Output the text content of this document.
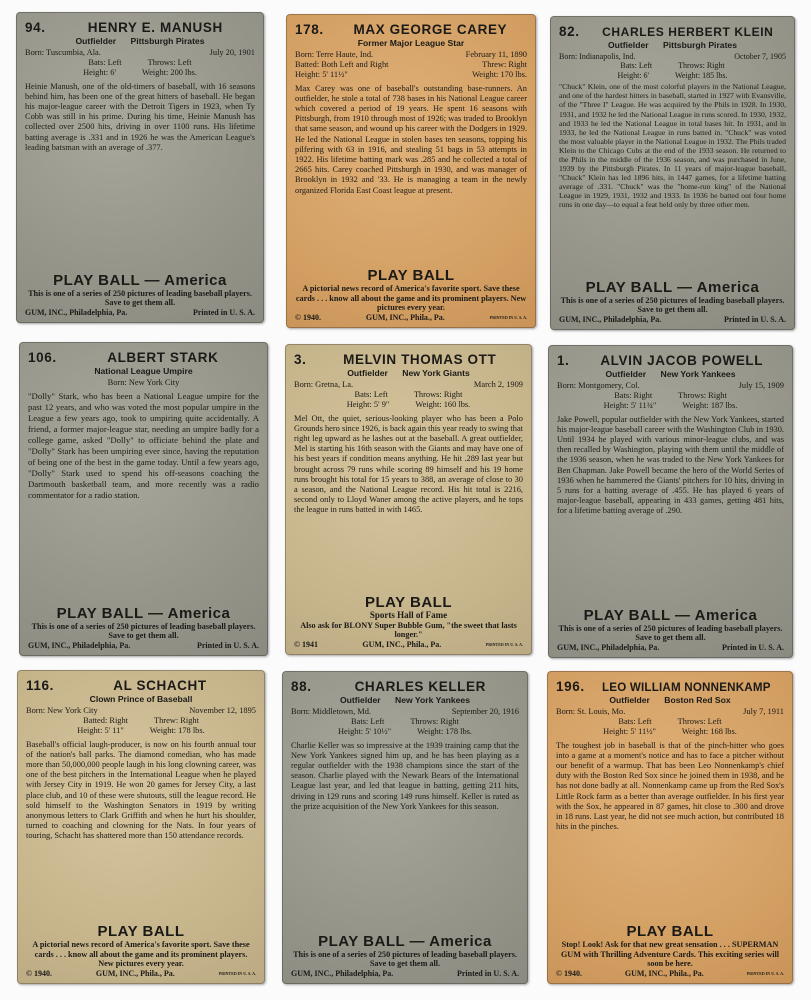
94.	HENRY E. MANUSH
Outfielder Pittsburgh Pirates
Born: Tuscumbia, Ala.	July 20, 1901
Bats: Left	Throws: Left
Height: 6'	Weight: 200 lbs.
Heinie Manush, one of the old-timers of baseball, with 16 seasons behind him, has been one of the great hitters of baseball. He began his major-league career with the Detroit Tigers in 1923, when Ty Cobb was still in his prime. During his time, Heinie Manush has collected over 2500 hits, driving in over 1100 runs. His lifetime batting average is .331 and in 1926 he was the American League's leading batsman with an average of .377.
PLAY BALL — America
This is one of a series of 250 pictures of leading baseball players. Save to get them all.
GUM, INC., Philadelphia, Pa.	Printed in U. S. A.
178.	MAX GEORGE CAREY
Former Major League Star
Born: Terre Haute, Ind.	February 11, 1890
Batted: Both Left and Right	Threw: Right
Height: 5' 11½"	Weight: 170 lbs.
Max Carey was one of baseball's outstanding base-runners. An outfielder, he stole a total of 738 bases in his National League career which covered a period of 19 years. He spent 16 seasons with Pittsburgh, from 1910 through most of 1926; was traded to Brooklyn that same season, and wound up his career with the Dodgers in 1929. He led the National League in stolen bases ten seasons, topping his pilfering with 63 in 1916, and stealing 51 bags in 53 attempts in 1922. His lifetime batting mark was .285 and he collected a total of 2665 hits. Carey coached Pittsburgh in 1930, and was manager of Brooklyn in 1932 and '33. He is managing a team in the newly organized Florida East Coast league at present.
PLAY BALL
A pictorial news record of America's favorite sport. Save these cards . . . know all about the game and its prominent players. New pictures every year.
© 1940.	GUM, INC., Phila., Pa.	PRINTED IN U. S. A.
82.	CHARLES HERBERT KLEIN
Outfielder Pittsburgh Pirates
Born: Indianapolis, Ind.	October 7, 1905
Bats: Left	Throws: Right
Height: 6'	Weight: 185 lbs.
"Chuck" Klein, one of the most colorful players in the National League, and one of the hardest hitters in baseball, started in 1927 with Evansville, of the "Three I" League. He was acquired by the Phils in 1928. In 1930, 1931, and 1932 he led the National League in runs scored. In 1930, 1932, and 1933 he led the National League in total bases hit. In 1931, and in 1933, he led the National League in runs batted in. "Chuck" was voted the most valuable player in the National League in 1932. The Phils traded Klein to the Chicago Cubs at the end of the 1933 season. He returned to the Phils in the middle of the 1936 season, and was purchased in June, 1939 by the Pittsburgh Pirates. In 11 years of major-league baseball, "Chuck" Klein has led 1896 hits, in 1447 games, for a lifetime batting average of .331. "Chuck" was the "home-run king" of the National League in 1929, 1931, 1932 and 1933. In 1936 he batted out four home runs in one day—to equal a feat held only by three other men.
PLAY BALL — America
This is one of a series of 250 pictures of leading baseball players. Save to get them all.
GUM, INC., Philadelphia, Pa.	Printed in U. S. A.
106.	ALBERT STARK
National League Umpire
Born: New York City
"Dolly" Stark, who has been a National League umpire for the past 12 years, and who was voted the most popular umpire in the League a few years ago, took to umpiring quite accidentally. A friend, a former major-league star, needing an umpire badly for a college game, asked "Dolly" to officiate behind the plate and "Dolly" Stark has been umpiring ever since, having the reputation of being one of the best in the game today. Until a few years ago, "Dolly" Stark used to spend his off-seasons coaching the Dartmouth basketball team, and more recently was a radio commentator for a radio station.
PLAY BALL — America
This is one of a series of 250 pictures of leading baseball players. Save to get them all.
GUM, INC., Philadelphia, Pa.	Printed in U. S. A.
3.	MELVIN THOMAS OTT
Outfielder New York Giants
Born: Gretna, La.	March 2, 1909
Bats: Left	Throws: Right
Height: 5' 9"	Weight: 160 lbs.
Mel Ott, the quiet, serious-looking player who has been a Polo Grounds hero since 1926, is back again this year ready to swing that right leg upward as he lashes out at the baseball. A great outfielder, Mel is starting his 16th season with the Giants and may have one of his best years if condition means anything. He hit .289 last year but brought across 79 runs while scoring 89 himself and his 19 home runs brought his total for 15 years to 388, an average of close to 30 a season, and the National League record. His hit total is 2216, second only to Lloyd Waner among the active players, and he tops the league in runs batted in with 1465.
PLAY BALL
Sports Hall of Fame
Also ask for BLONY Super Bubble Gum, "the sweet that lasts longer."
© 1941	GUM, INC., Phila., Pa.	PRINTED IN U. S. A.
1.	ALVIN JACOB POWELL
Outfielder New York Yankees
Born: Montgomery, Col.	July 15, 1909
Bats: Right	Throws: Right
Height: 5' 11¾"	Weight: 187 lbs.
Jake Powell, popular outfielder with the New York Yankees, started his major-league baseball career with the Washington Club in 1930. Until 1934 he played with various minor-league clubs, and was then recalled by Washington, playing with them until the middle of the 1936 season, when he was traded to the New York Yankees for Ben Chapman. Jake Powell became the hero of the World Series of 1936 when he hammered the Giants' pitchers for 10 hits, driving in 5 runs for a batting average of .455. He has played 6 years of major-league baseball, appearing in 433 games, getting 481 hits, for a lifetime batting average of .290.
PLAY BALL — America
This is one of a series of 250 pictures of leading baseball players. Save to get them all.
GUM, INC., Philadelphia, Pa.	Printed in U. S. A.
116.	AL SCHACHT
Clown Prince of Baseball
Born: New York City	November 12, 1895
Batted: Right	Threw: Right
Height: 5' 11"	Weight: 178 lbs.
Baseball's official laugh-producer, is now on his fourth annual tour of the nation's ball parks. The diamond comedian, who has made more than 50,000,000 people laugh in his long clowning career, was one of the best pitchers in the International League when he played with Jersey City in 1919. He won 20 games for Jersey City, a last place club, and 10 of these were shutouts, still the league record. He sold himself to the Washington Senators in 1919 by writing anonymous letters to Clark Griffith and when he hurt his shoulder, turned to coaching and clowning for the Nats. In four years of touring, Schacht has shattered more than 150 attendance records.
PLAY BALL
A pictorial news record of America's favorite sport. Save these cards . . . know all about the game and its prominent players. New pictures every year.
© 1940.	GUM, INC., Phila., Pa.	PRINTED IN U. S. A.
88.	CHARLES KELLER
Outfielder New York Yankees
Born: Middletown, Md.	September 20, 1916
Bats: Left	Throws: Right
Height: 5' 10½"	Weight: 178 lbs.
Charlie Keller was so impressive at the 1939 training camp that the New York Yankees signed him up, and he has been playing as a regular outfielder with the 1938 champions since the start of the season. Charlie played with the Newark Bears of the International League last year, and led that league in batting, getting 211 hits, driving in 129 runs and scoring 149 runs himself. Keller is rated as the prize acquisition of the New York Yankees for this season.
PLAY BALL — America
This is one of a series of 250 pictures of leading baseball players. Save to get them all.
GUM, INC., Philadelphia, Pa.	Printed in U. S. A.
196.	LEO WILLIAM NONNENKAMP
Outfielder Boston Red Sox
Born: St. Louis, Mo.	July 7, 1911
Bats: Left	Throws: Left
Height: 5' 11½"	Weight: 168 lbs.
The toughest job in baseball is that of the pinch-hitter who goes into a game at a moment's notice and has to face a pitcher without our benefit of a warmup. That has been Leo Nonnenkamp's chief duty with the Boston Red Sox since he joined them in 1938, and he has not done badly at all. Nonnenkamp came up from the Red Sox's Little Rock farm as a better than average outfielder. In his first year with the Sox, he appeared in 87 games, hit close to .300 and drove in 18 runs. Last year, he did not see much action, but contributed 18 hits in the pinches.
PLAY BALL
Stop! Look! Ask for that new great sensation . . . SUPERMAN GUM with Thrilling Adventure Cards. This exciting series will soon be here.
© 1940.	GUM, INC., Phila., Pa.	PRINTED IN U. S. A.
